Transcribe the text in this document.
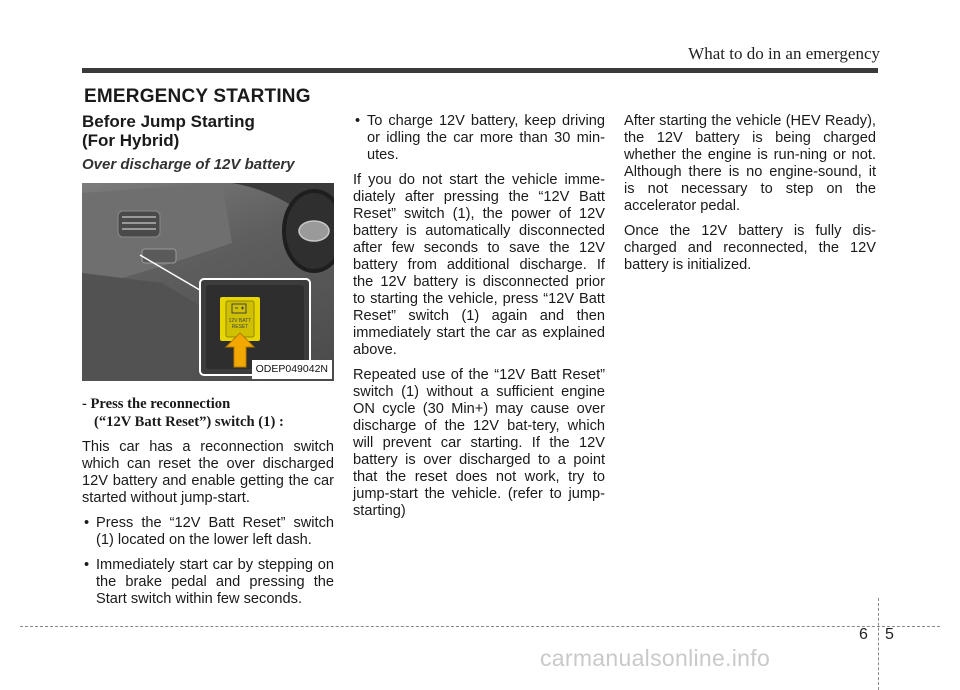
What to do in an emergency
EMERGENCY STARTING
Before Jump Starting
(For Hybrid)
Over discharge of 12V battery
12V BATT
RESET
ODEP049042N
- Press the reconnection
(“12V Batt Reset”) switch (1) :

This car has a reconnection switch which can reset the over discharged 12V battery and enable getting the car started without jump-start.

• Press the “12V Batt Reset” switch (1) located on the lower left dash.
• Immediately start car by stepping on the brake pedal and pressing the Start switch within few seconds.
• To charge 12V battery, keep driving or idling the car more than 30 min-utes.

If you do not start the vehicle imme-diately after pressing the “12V Batt Reset” switch (1), the power of 12V battery is automatically disconnected after few seconds to save the 12V battery from additional discharge. If the 12V battery is disconnected prior to starting the vehicle, press “12V Batt Reset” switch (1) again and then immediately start the car as explained above.

Repeated use of the “12V Batt Reset” switch (1) without a sufficient engine ON cycle (30 Min+) may cause over discharge of the 12V bat-tery, which will prevent car starting. If the 12V battery is over discharged to a point that the reset does not work, try to jump-start the vehicle. (refer to jump-starting)

After starting the vehicle (HEV Ready), the 12V battery is being charged whether the engine is run-ning or not. Although there is no engine-sound, it is not necessary to step on the accelerator pedal.

Once the 12V battery is fully dis-charged and reconnected, the 12V battery is initialized.

6 5
carmanualsonline.info
